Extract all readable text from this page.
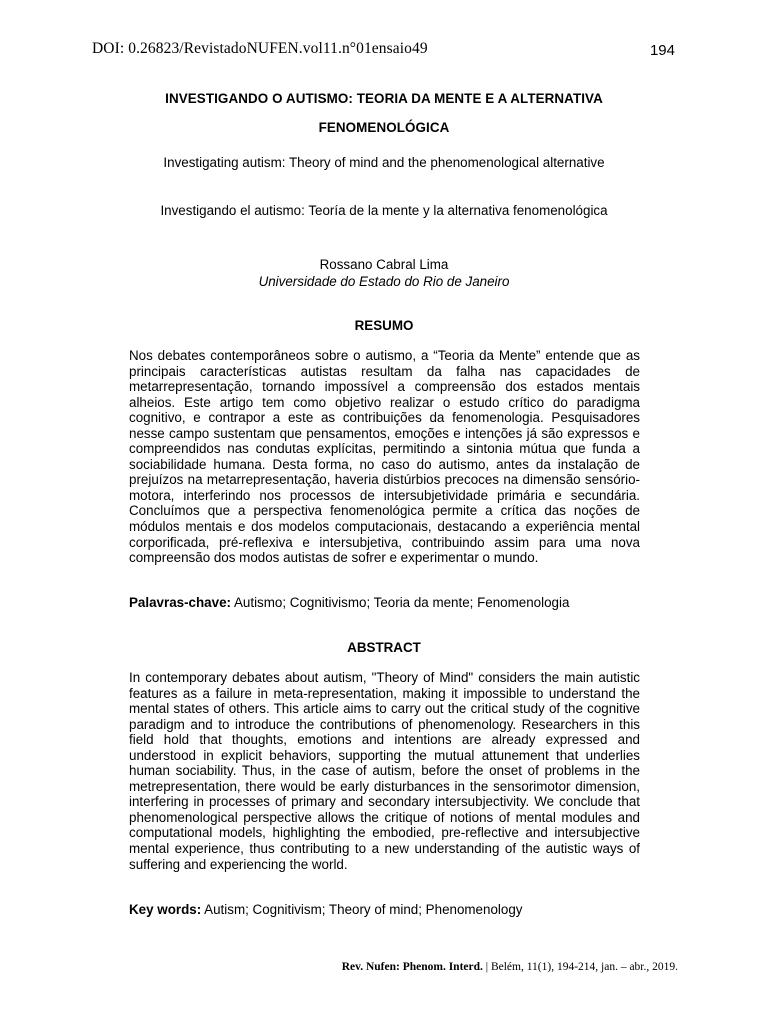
DOI: 0.26823/RevistadoNUFEN.vol11.n°01ensaio49	194
INVESTIGANDO O AUTISMO: TEORIA DA MENTE E A ALTERNATIVA
FENOMENOLÓGICA
Investigating autism: Theory of mind and the phenomenological alternative
Investigando el autismo: Teoría de la mente y la alternativa fenomenológica
Rossano Cabral Lima
Universidade do Estado do Rio de Janeiro
RESUMO

Nos debates contemporâneos sobre o autismo, a “Teoria da Mente” entende que as principais características autistas resultam da falha nas capacidades de metarrepresentação, tornando impossível a compreensão dos estados mentais alheios. Este artigo tem como objetivo realizar o estudo crítico do paradigma cognitivo, e contrapor a este as contribuições da fenomenologia. Pesquisadores nesse campo sustentam que pensamentos, emoções e intenções já são expressos e compreendidos nas condutas explícitas, permitindo a sintonia mútua que funda a sociabilidade humana. Desta forma, no caso do autismo, antes da instalação de prejuízos na metarrepresentação, haveria distúrbios precoces na dimensão sensório-motora, interferindo nos processos de intersubjetividade primária e secundária. Concluímos que a perspectiva fenomenológica permite a crítica das noções de módulos mentais e dos modelos computacionais, destacando a experiência mental corporificada, pré-reflexiva e intersubjetiva, contribuindo assim para uma nova compreensão dos modos autistas de sofrer e experimentar o mundo.

Palavras-chave: Autismo; Cognitivismo; Teoria da mente; Fenomenologia
ABSTRACT

In contemporary debates about autism, "Theory of Mind" considers the main autistic features as a failure in meta-representation, making it impossible to understand the mental states of others. This article aims to carry out the critical study of the cognitive paradigm and to introduce the contributions of phenomenology. Researchers in this field hold that thoughts, emotions and intentions are already expressed and understood in explicit behaviors, supporting the mutual attunement that underlies human sociability. Thus, in the case of autism, before the onset of problems in the metrepresentation, there would be early disturbances in the sensorimotor dimension, interfering in processes of primary and secondary intersubjectivity. We conclude that phenomenological perspective allows the critique of notions of mental modules and computational models, highlighting the embodied, pre-reflective and intersubjective mental experience, thus contributing to a new understanding of the autistic ways of suffering and experiencing the world.

Key words: Autism; Cognitivism; Theory of mind; Phenomenology
Rev. Nufen: Phenom. Interd. | Belém, 11(1), 194-214, jan. – abr., 2019.
